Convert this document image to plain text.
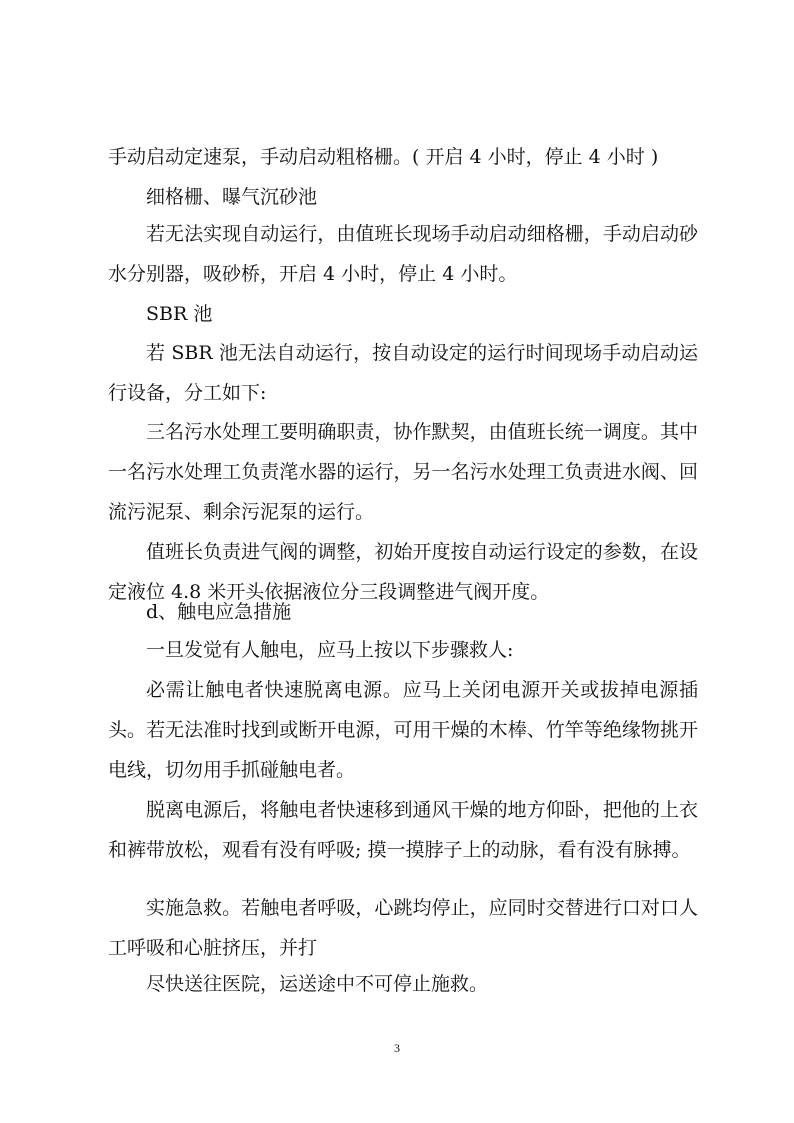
手动启动定速泵，手动启动粗格栅。( 开启 4 小时，停止 4 小时 )
细格栅、曝气沉砂池
若无法实现自动运行，由值班长现场手动启动细格栅，手动启动砂水分别器，吸砂桥，开启 4 小时，停止 4 小时。
SBR 池
若 SBR 池无法自动运行，按自动设定的运行时间现场手动启动运行设备，分工如下:
三名污水处理工要明确职责，协作默契，由值班长统一调度。其中一名污水处理工负责滗水器的运行，另一名污水处理工负责进水阀、回流污泥泵、剩余污泥泵的运行。
值班长负责进气阀的调整，初始开度按自动运行设定的参数，在设定液位 4.8 米开头依据液位分三段调整进气阀开度。
d、触电应急措施
一旦发觉有人触电，应马上按以下步骤救人:
必需让触电者快速脱离电源。应马上关闭电源开关或拔掉电源插头。若无法准时找到或断开电源，可用干燥的木棒、竹竿等绝缘物挑开电线，切勿用手抓碰触电者。
脱离电源后，将触电者快速移到通风干燥的地方仰卧，把他的上衣和裤带放松，观看有没有呼吸; 摸一摸脖子上的动脉，看有没有脉搏。
实施急救。若触电者呼吸，心跳均停止，应同时交替进行口对口人工呼吸和心脏挤压，并打
尽快送往医院，运送途中不可停止施救。
3
